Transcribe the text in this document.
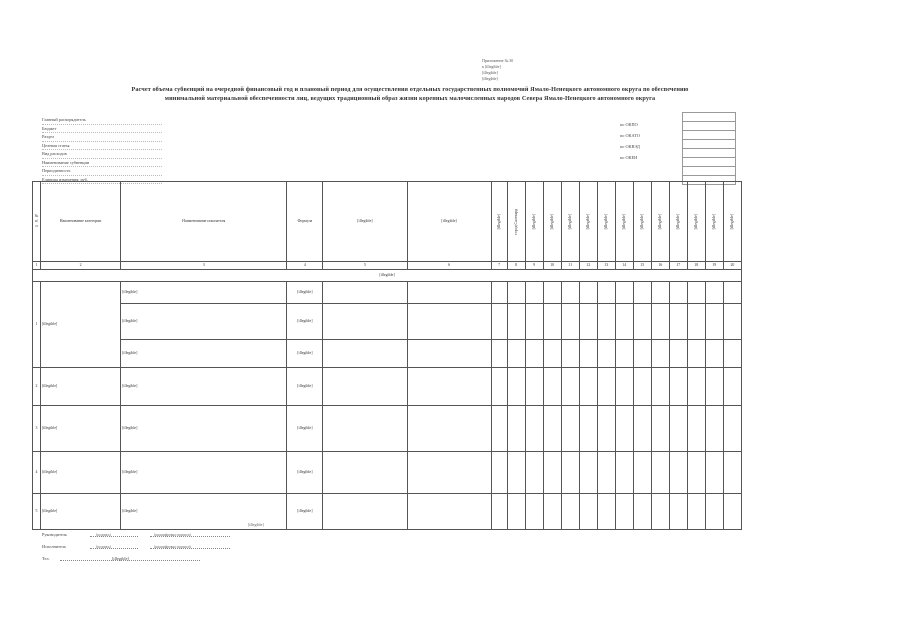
Приложение № 30
к [illegible]
[illegible]
[illegible]
Расчет объема субвенций на очередной финансовый год и плановый период для осуществления отдельных государственных полномочий Ямало-Ненецкого автономного округа по обеспечению
минимальной материальной обеспеченности лиц, ведущих традиционный образ жизни коренных малочисленных народов Севера Ямало-Ненецкого автономного округа
Главный распорядитель
Бюджет
Раздел
Целевая статья
Вид расходов
Наименование субвенции
Периодичность
Единица измерения: руб.
по ОКПО
по ОКАТО
по ОКВЭД
по ОКЕИ
№ п/п	Наименование категории	Наименование показателя	Формула	[illegible]	[illegible]	[illegible]	город Салехард	[illegible]	[illegible]	[illegible]	[illegible]	[illegible]	[illegible]	[illegible]	[illegible]	[illegible]	[illegible]	[illegible]	[illegible]

1	2	3	4	5	6	7	8	9	10	11	12	13	14	15	16	17	18	19	20
[illegible]																			
1	[illegible]	[illegible]	[illegible]																
		[illegible]	[illegible]																
		[illegible]	[illegible]																
2	[illegible]	[illegible]	[illegible]																
3	[illegible]	[illegible]	[illegible]																
4	[illegible]	[illegible]	[illegible]																
5	[illegible]	[illegible]	[illegible]																
[illegible]
Руководитель	(подпись)	(расшифровка подписи)
Исполнитель	(подпись)	(расшифровка подписи)
Тел.	[illegible]
